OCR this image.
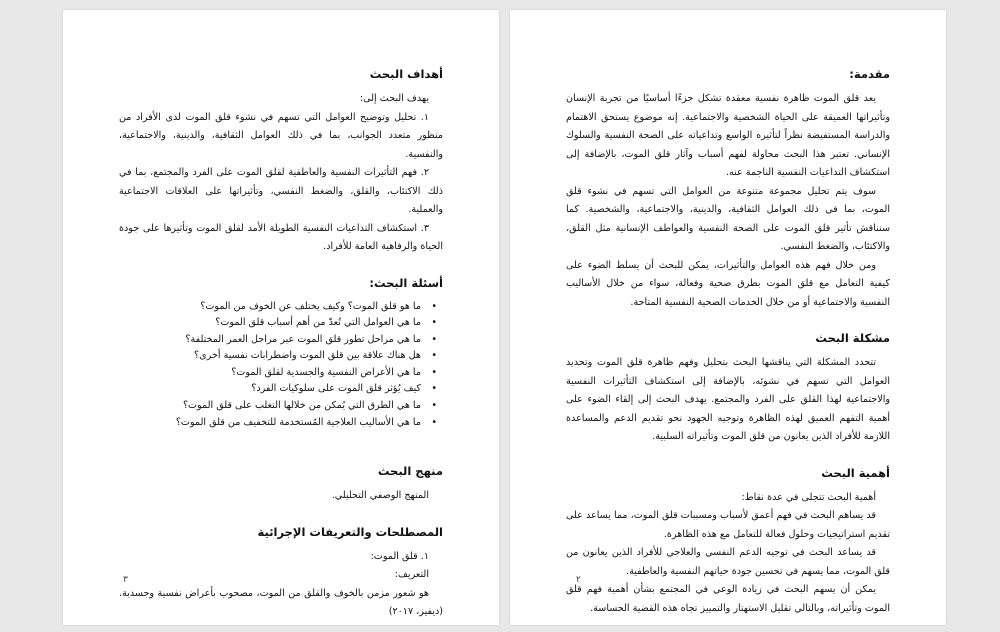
أهداف البحث

يهدف البحث إلى:

١. تحليل وتوضيح العوامل التي تسهم في نشوء قلق الموت لدى الأفراد من منظور متعدد الجوانب، بما في ذلك العوامل الثقافية، والدينية، والاجتماعية، والنفسية.

٢. فهم التأثيرات النفسية والعاطفية لقلق الموت على الفرد والمجتمع، بما في ذلك الاكتئاب، والقلق، والضغط النفسي، وتأثيراتها على العلاقات الاجتماعية والعملية.

٣. استكشاف التداعيات النفسية الطويلة الأمد لقلق الموت وتأثيرها على جودة الحياة والرفاهية العامة للأفراد.

أسئلة البحث:
• ما هو قلق الموت؟ وكيف يختلف عن الخوف من الموت؟
• ما هي العوامل التي تُعدّ من أهم أسباب قلق الموت؟
• ما هي مراحل تطور قلق الموت عبر مراحل العمر المختلفة؟
• هل هناك علاقة بين قلق الموت واضطرابات نفسية أخرى؟
• ما هي الأعراض النفسية والجسدية لقلق الموت؟
• كيف يُؤثر قلق الموت على سلوكيات الفرد؟
• ما هي الطرق التي يُمكن من خلالها التغلب على قلق الموت؟
• ما هي الأساليب العلاجية المُستخدمة للتخفيف من قلق الموت؟
منهج البحث

المنهج الوصفي التحليلي.

المصطلحات والتعريفات الإجرائية

١. قلق الموت:

التعريف:

هو شعور مزمن بالخوف والقلق من الموت، مصحوب بأعراض نفسية وجسدية. (ديفيز، ٢٠١٧)

٣
مقدمة:

يعد قلق الموت ظاهرة نفسية معقدة تشكل جزءًا أساسيًا من تجربة الإنسان وتأثيراتها العميقة على الحياة الشخصية والاجتماعية. إنه موضوع يستحق الاهتمام والدراسة المستفيضة نظراً لتأثيره الواسع وتداعياته على الصحة النفسية والسلوك الإنساني. تعتبر هذا البحث محاولة لفهم أسباب وآثار قلق الموت، بالإضافة إلى استكشاف التداعيات النفسية الناجمة عنه.

سوف يتم تحليل مجموعة متنوعة من العوامل التي تسهم في نشوء قلق الموت، بما في ذلك العوامل الثقافية، والدينية، والاجتماعية، والشخصية. كما سنناقش تأثير قلق الموت على الصحة النفسية والعواطف الإنسانية مثل القلق، والاكتئاب، والضغط النفسي.

ومن خلال فهم هذه العوامل والتأثيرات، يمكن للبحث أن يسلط الضوء على كيفية التعامل مع قلق الموت بطرق صحية وفعالة، سواء من خلال الأساليب النفسية والاجتماعية أو من خلال الخدمات الصحية النفسية المتاحة.

مشكلة البحث

تتحدد المشكلة التي يناقشها البحث بتحليل وفهم ظاهرة قلق الموت وتحديد العوامل التي تسهم في نشوئه، بالإضافة إلى استكشاف التأثيرات النفسية والاجتماعية لهذا القلق على الفرد والمجتمع. يهدف البحث إلى إلقاء الضوء على أهمية التفهم العميق لهذه الظاهرة وتوجيه الجهود نحو تقديم الدعم والمساعدة اللازمة للأفراد الذين يعانون من قلق الموت وتأثيراته السلبية.

أهمية البحث

أهمية البحث تتجلى في عدة نقاط:

قد يساهم البحث في فهم أعمق لأسباب ومسببات قلق الموت، مما يساعد على تقديم استراتيجيات وحلول فعالة للتعامل مع هذه الظاهرة.

قد يساعد البحث في توجيه الدعم النفسي والعلاجي للأفراد الذين يعانون من قلق الموت، مما يسهم في تحسين جودة حياتهم النفسية والعاطفية.

يمكن أن يسهم البحث في زيادة الوعي في المجتمع بشأن أهمية فهم قلق الموت وتأثيراته، وبالتالي تقليل الاستهتار والتمييز تجاه هذه القضية الحساسة.

٢
